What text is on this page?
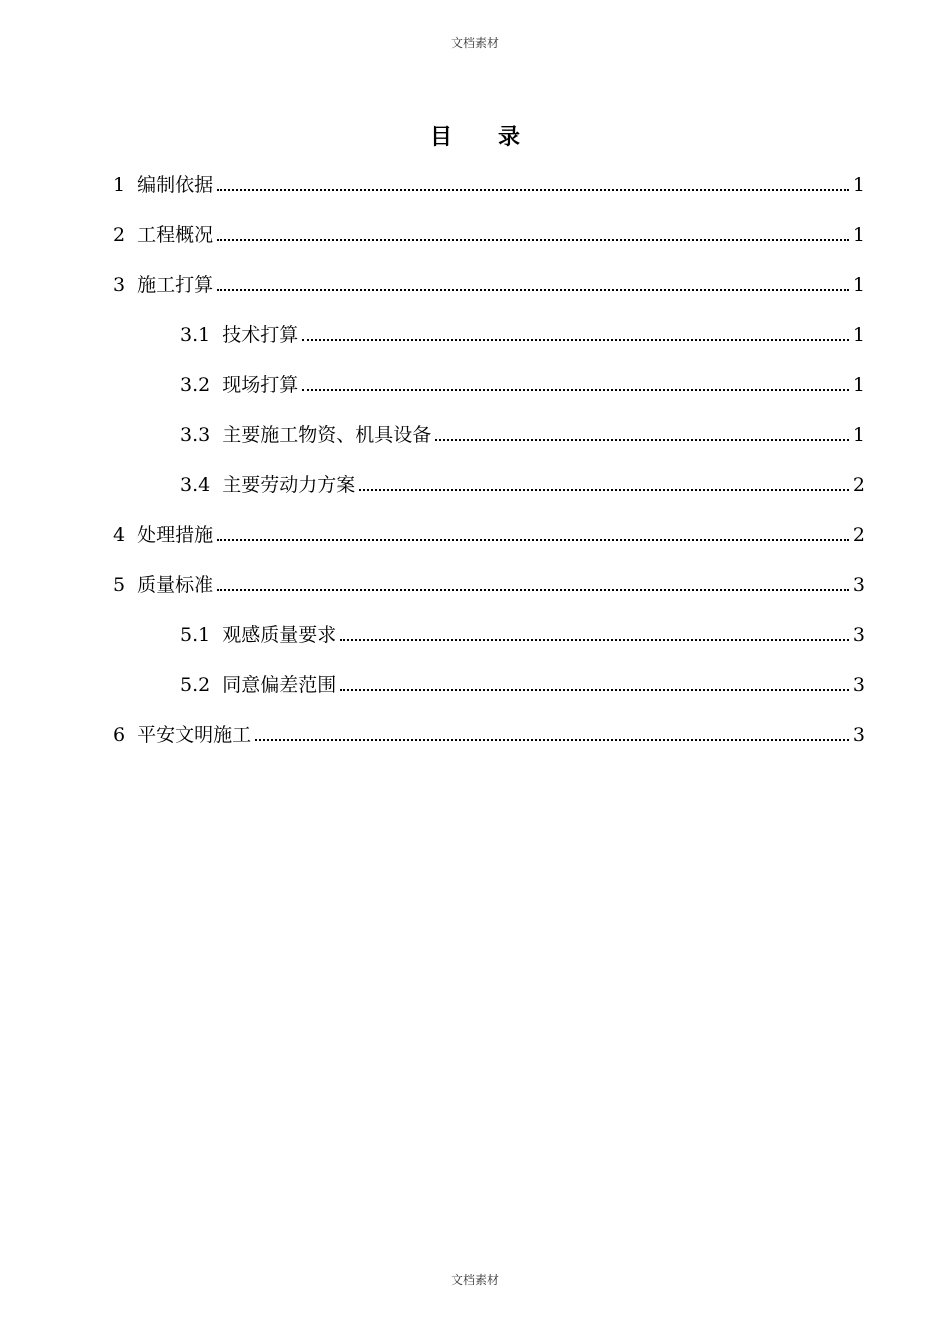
文档素材
目 录
1 编制依据	1
2 工程概况	1
3 施工打算	1
3.1 技术打算	1
3.2 现场打算	1
3.3 主要施工物资、机具设备	1
3.4 主要劳动力方案	2
4 处理措施	2
5 质量标准	3
5.1 观感质量要求	3
5.2 同意偏差范围	3
6 平安文明施工	3
文档素材
